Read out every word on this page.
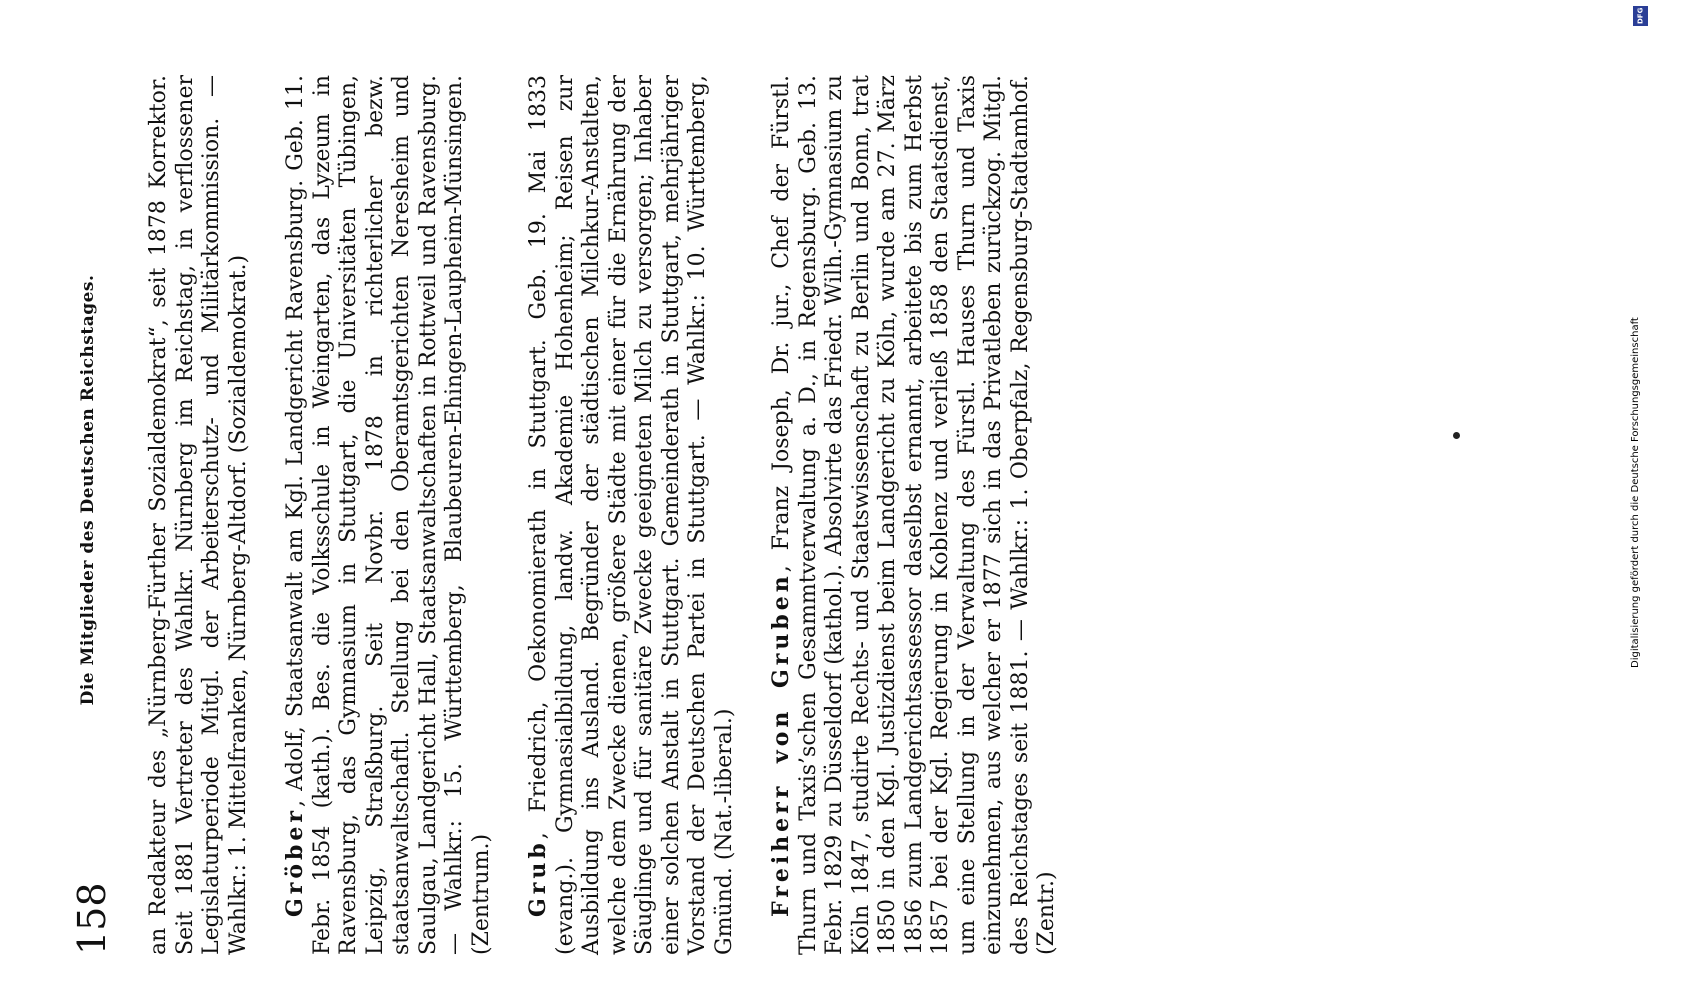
158
Die Mitglieder des Deutschen Reichstages. an Redakteur des „Nürnberg-Fürther Sozialdemokrat“, seit 1878 Korrektor. Seit 1881 Vertreter des Wahlkr. Nürnberg im Reichstag, in verflossener Legislaturperiode Mitgl. der Arbeiterschutz- und Militärkommission. — Wahlkr.: 1. Mittelfranken, Nürnberg-Altdorf. (Sozialdemokrat.) Gröber, Adolf, Staatsanwalt am Kgl. Landgericht Ravensburg. Geb. 11. Febr. 1854 (kath.). Bes. die Volksschule in Weingarten, das Lyzeum in Ravensburg, das Gymnasium in Stuttgart, die Universitäten Tübingen, Leipzig, Straßburg. Seit Novbr. 1878 in richterlicher bezw. staatsanwaltschaftl. Stellung bei den Oberamtsgerichten Neresheim und Saulgau, Landgericht Hall, Staatsanwaltschaften in Rottweil und Ravensburg. — Wahlkr.: 15. Württemberg, Blaubeuren-Ehingen-Laupheim-Münsingen. (Zentrum.) Grub, Friedrich, Oekonomierath in Stuttgart. Geb. 19. Mai 1833 (evang.). Gymnasialbildung, landw. Akademie Hohenheim; Reisen zur Ausbildung ins Ausland. Begründer der städtischen Milchkur-Anstalten, welche dem Zwecke dienen, größere Städte mit einer für die Ernährung der Säuglinge und für sanitäre Zwecke geeigneten Milch zu versorgen; Inhaber einer solchen Anstalt in Stuttgart. Gemeinderath in Stuttgart, mehrjähriger Vorstand der Deutschen Partei in Stuttgart. — Wahlkr.: 10. Württemberg, Gmünd. (Nat.-liberal.) Freiherr von Gruben, Franz Joseph, Dr. jur., Chef der Fürstl. Thurn und Taxis’schen Gesammtverwaltung a. D., in Regensburg. Geb. 13. Febr. 1829 zu Düsseldorf (kathol.). Absolvirte das Friedr. Wilh.-Gymnasium zu Köln 1847, studirte Rechts- und Staatswissenschaft zu Berlin und Bonn, trat 1850 in den Kgl. Justizdienst beim Landgericht zu Köln, wurde am 27. März 1856 zum Landgerichtsassessor daselbst ernannt, arbeitete bis zum Herbst 1857 bei der Kgl. Regierung in Koblenz und verließ 1858 den Staatsdienst, um eine Stellung in der Verwaltung des Fürstl. Hauses Thurn und Taxis einzunehmen, aus welcher er 1877 sich in das Privatleben zurückzog. Mitgl. des Reichstages seit 1881. — Wahlkr.: 1. Oberpfalz, Regensburg-Stadtamhof. (Zentr.)

Digitalisierung gefördert durch die Deutsche Forschungsgemeinschaft
DFG
